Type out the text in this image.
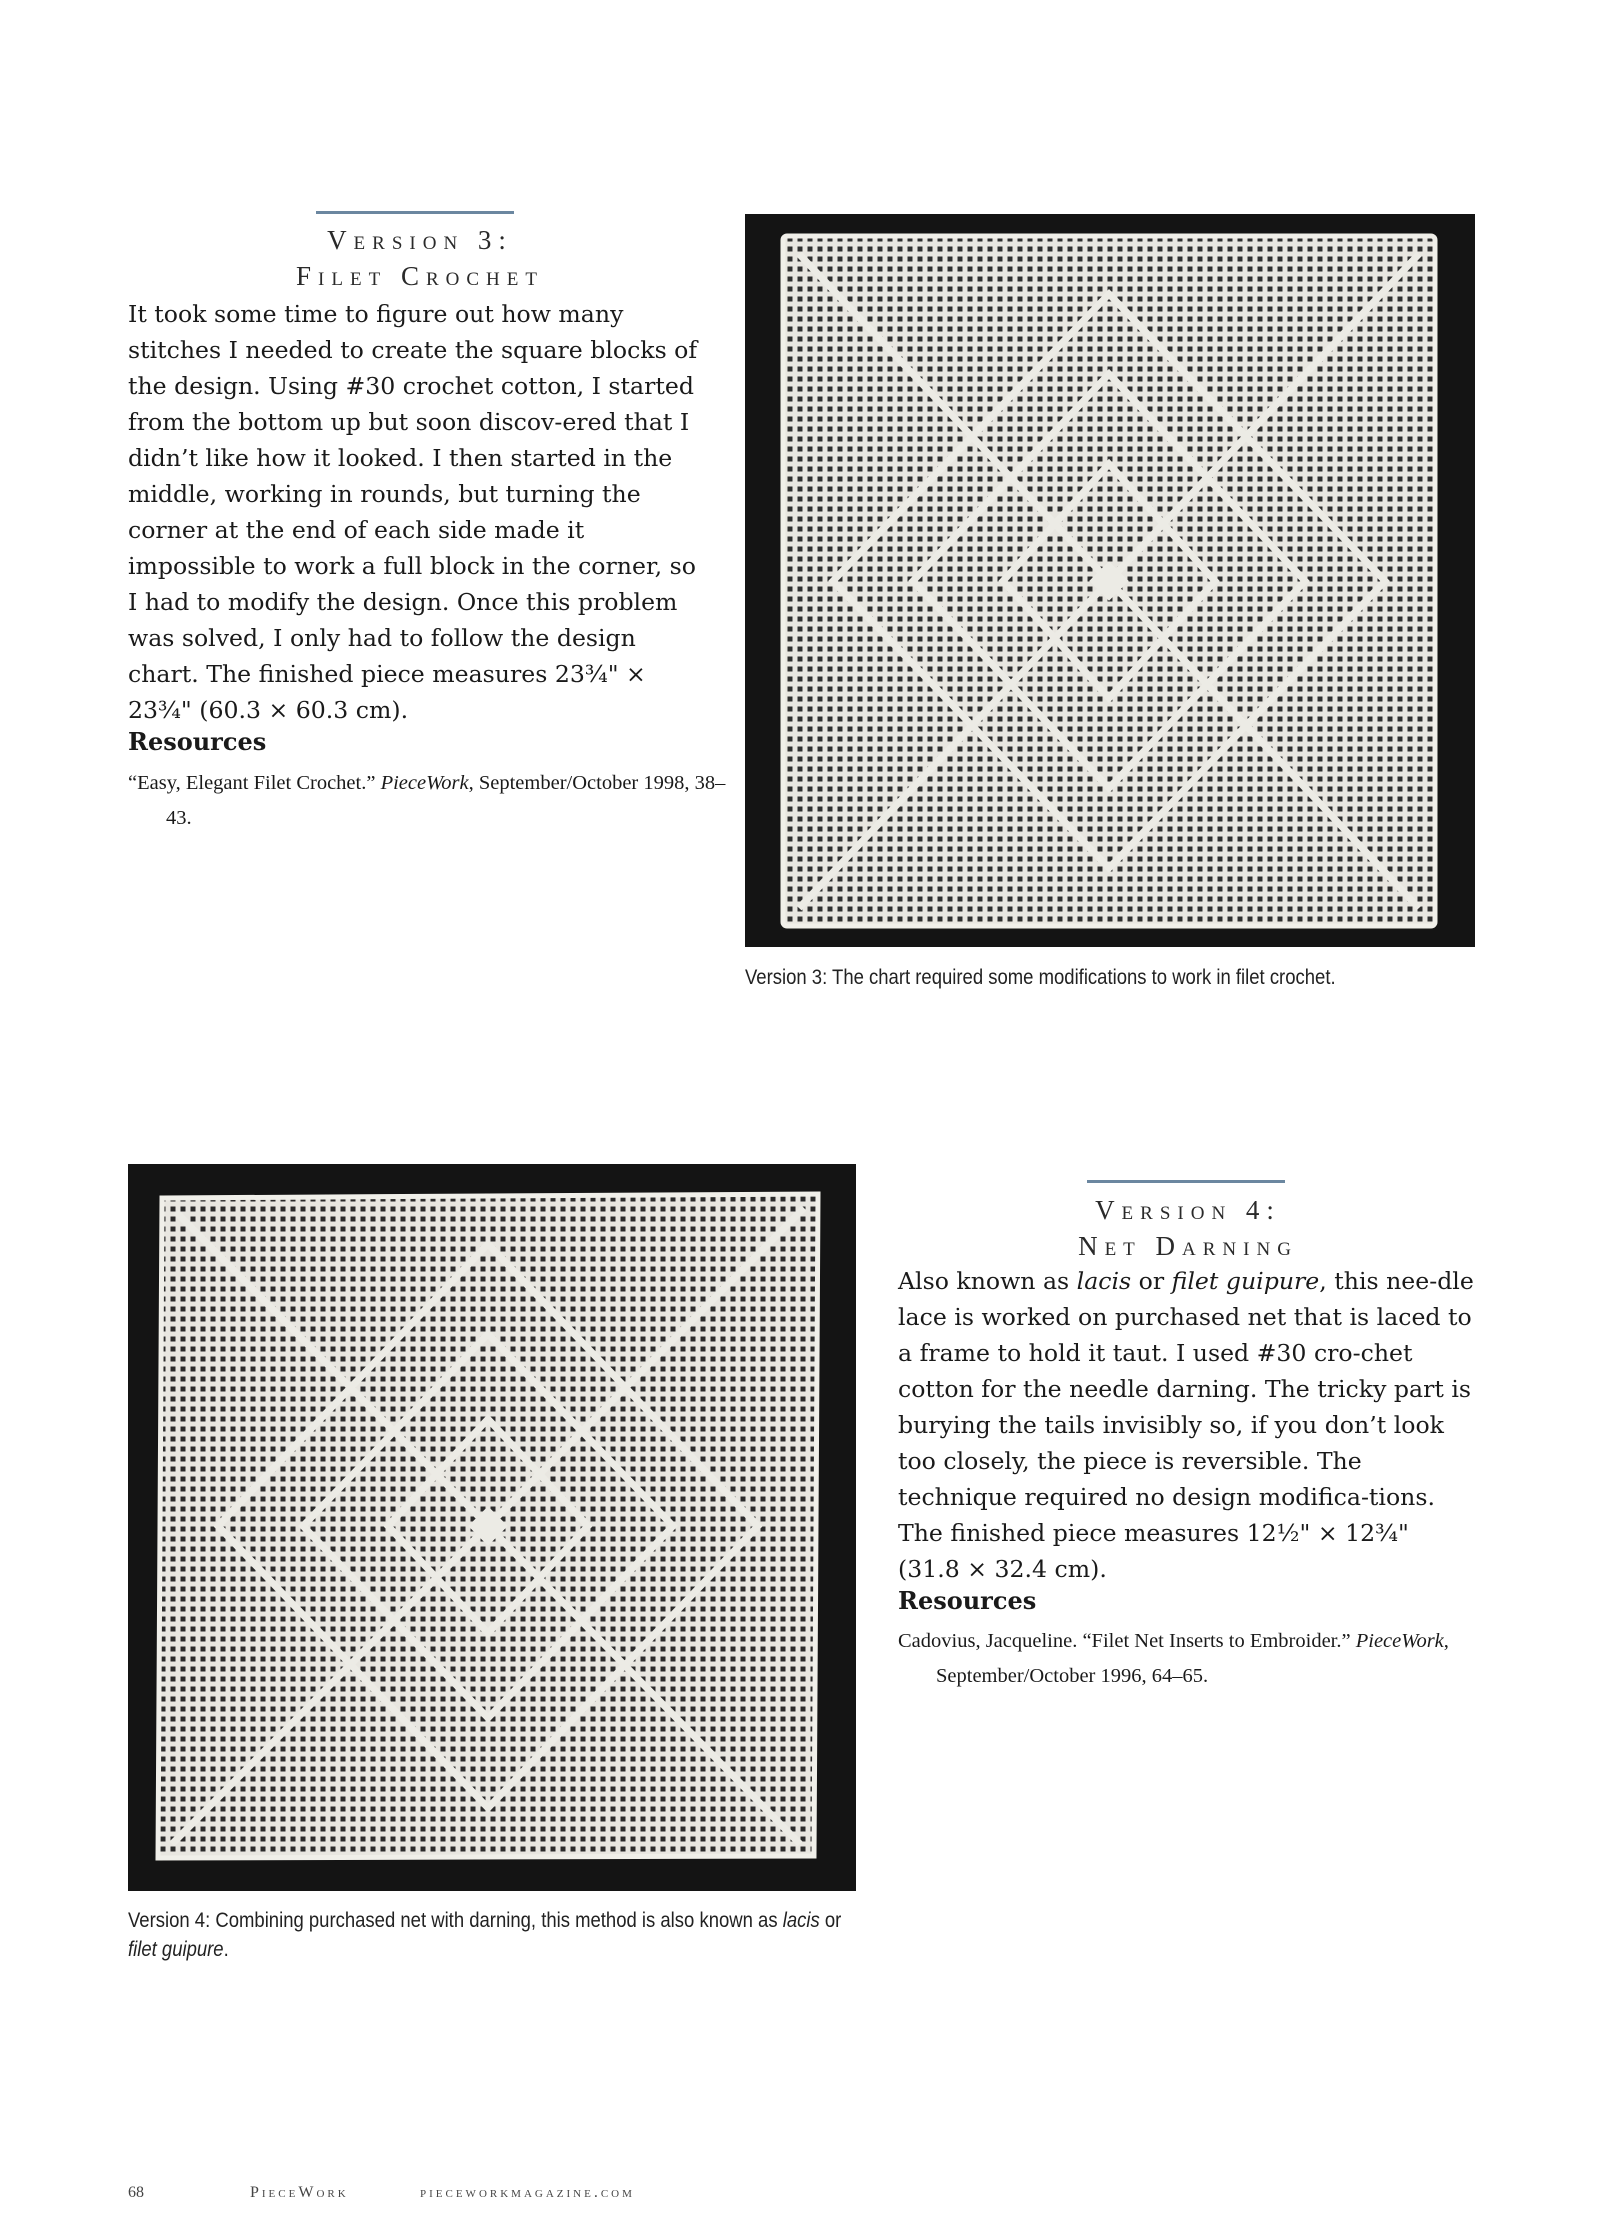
Version 3:
Filet Crochet

It took some time to figure out how many stitches I needed to create the square blocks of the design. Using #30 crochet cotton, I started from the bottom up but soon discov-ered that I didn’t like how it looked. I then started in the middle, working in rounds, but turning the corner at the end of each side made it impossible to work a full block in the corner, so I had to modify the design. Once this problem was solved, I only had to follow the design chart. The finished piece measures 23¾" × 23¾" (60.3 × 60.3 cm).

Resources

“Easy, Elegant Filet Crochet.” PieceWork, September/October 1998, 38–43.

Version 3: The chart required some modifications to work in filet crochet.

Version 4: Combining purchased net with darning, this method is also known as lacis or filet guipure.

Version 4:
Net Darning

Also known as lacis or filet guipure, this nee-dle lace is worked on purchased net that is laced to a frame to hold it taut. I used #30 cro-chet cotton for the needle darning. The tricky part is burying the tails invisibly so, if you don’t look too closely, the piece is reversible. The technique required no design modifica-tions. The finished piece measures 12½" × 12¾" (31.8 × 32.4 cm).

Resources

Cadovius, Jacqueline. “Filet Net Inserts to Embroider.” PieceWork, September/October 1996, 64–65.

68	PieceWork	pieceworkmagazine.com
